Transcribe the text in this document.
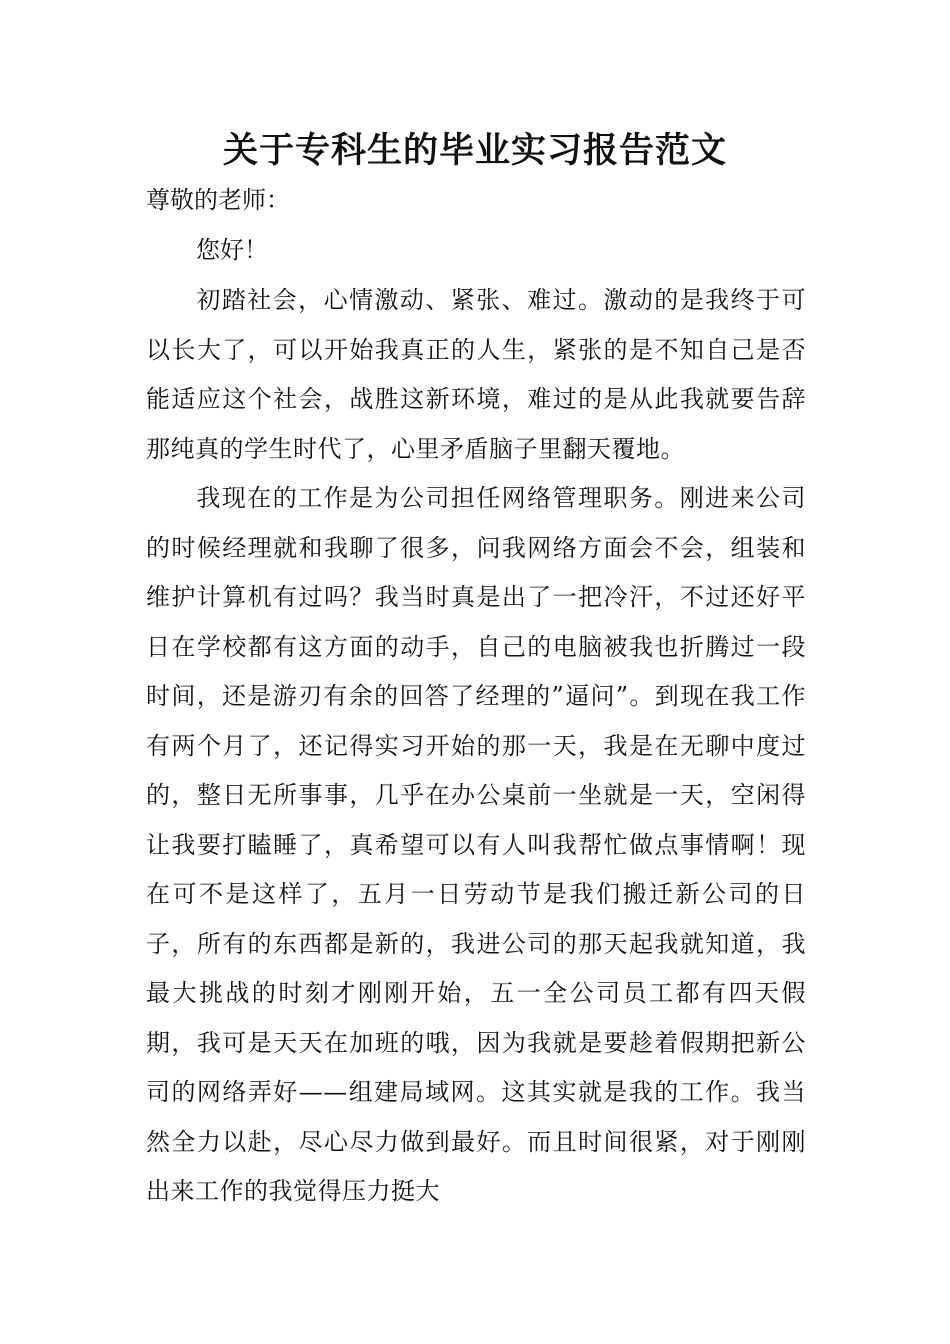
关于专科生的毕业实习报告范文

尊敬的老师：

您好！

初踏社会，心情激动、紧张、难过。激动的是我终于可以长大了，可以开始我真正的人生，紧张的是不知自己是否能适应这个社会，战胜这新环境，难过的是从此我就要告辞那纯真的学生时代了，心里矛盾脑子里翻天覆地。

我现在的工作是为公司担任网络管理职务。刚进来公司的时候经理就和我聊了很多，问我网络方面会不会，组装和维护计算机有过吗？我当时真是出了一把冷汗，不过还好平日在学校都有这方面的动手，自己的电脑被我也折腾过一段时间，还是游刃有余的回答了经理的”逼问”。到现在我工作有两个月了，还记得实习开始的那一天，我是在无聊中度过的，整日无所事事，几乎在办公桌前一坐就是一天，空闲得让我要打瞌睡了，真希望可以有人叫我帮忙做点事情啊！现在可不是这样了，五月一日劳动节是我们搬迁新公司的日子，所有的东西都是新的，我进公司的那天起我就知道，我最大挑战的时刻才刚刚开始，五一全公司员工都有四天假期，我可是天天在加班的哦，因为我就是要趁着假期把新公司的网络弄好——组建局域网。这其实就是我的工作。我当然全力以赴，尽心尽力做到最好。而且时间很紧，对于刚刚出来工作的我觉得压力挺大
